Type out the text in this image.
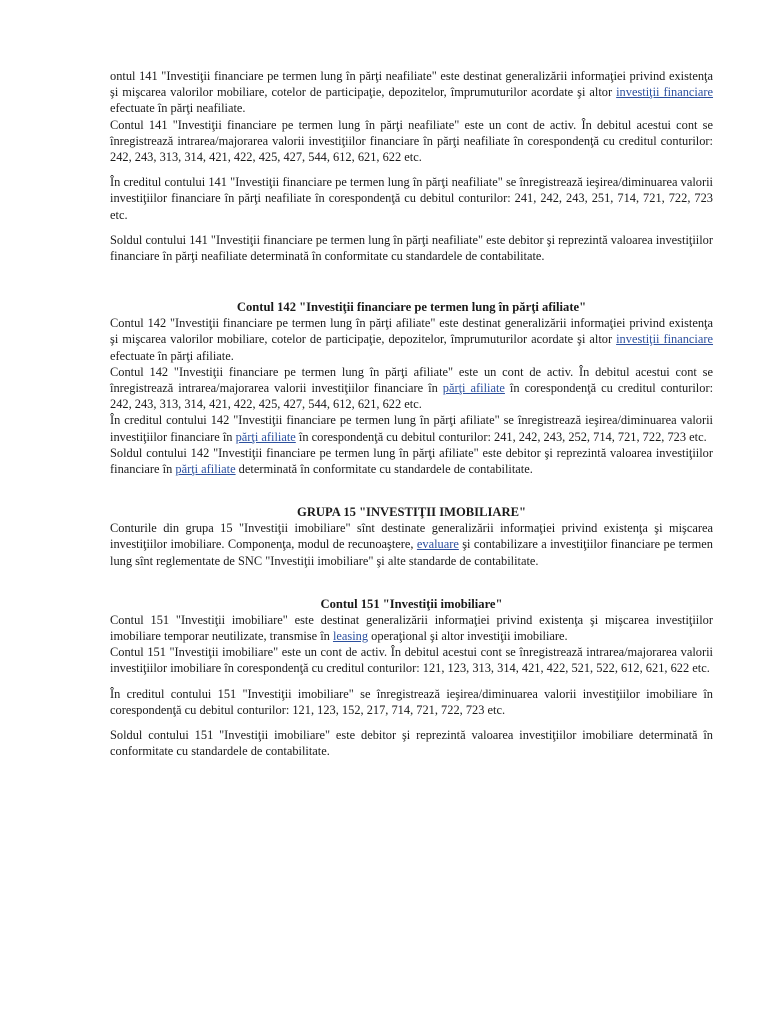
ontul 141 "Investiţii financiare pe termen lung în părţi neafiliate" este destinat generalizării informaţiei privind existenţa şi mişcarea valorilor mobiliare, cotelor de participaţie, depozitelor, împrumuturilor acordate şi altor investiţii financiare efectuate în părţi neafiliate.

Contul 141 "Investiţii financiare pe termen lung în părţi neafiliate" este un cont de activ. În debitul acestui cont se înregistrează intrarea/majorarea valorii investiţiilor financiare în părţi neafiliate în corespondenţă cu creditul conturilor: 242, 243, 313, 314, 421, 422, 425, 427, 544, 612, 621, 622 etc.

În creditul contului 141 "Investiţii financiare pe termen lung în părţi neafiliate" se înregistrează ieşirea/diminuarea valorii investiţiilor financiare în părţi neafiliate în corespondenţă cu debitul conturilor: 241, 242, 243, 251, 714, 721, 722, 723 etc.

Soldul contului 141 "Investiţii financiare pe termen lung în părţi neafiliate" este debitor şi reprezintă valoarea investiţiilor financiare în părţi neafiliate determinată în conformitate cu standardele de contabilitate.

Contul 142 "Investiţii financiare pe termen lung în părţi afiliate"

Contul 142 "Investiţii financiare pe termen lung în părţi afiliate" este destinat generalizării informaţiei privind existenţa şi mişcarea valorilor mobiliare, cotelor de participaţie, depozitelor, împrumuturilor acordate şi altor investiţii financiare efectuate în părţi afiliate.

Contul 142 "Investiţii financiare pe termen lung în părţi afiliate" este un cont de activ. În debitul acestui cont se înregistrează intrarea/majorarea valorii investiţiilor financiare în părţi afiliate în corespondenţă cu creditul conturilor: 242, 243, 313, 314, 421, 422, 425, 427, 544, 612, 621, 622 etc.

În creditul contului 142 "Investiţii financiare pe termen lung în părţi afiliate" se înregistrează ieşirea/diminuarea valorii investiţiilor financiare în părţi afiliate în corespondenţă cu debitul conturilor: 241, 242, 243, 252, 714, 721, 722, 723 etc.

Soldul contului 142 "Investiţii financiare pe termen lung în părţi afiliate" este debitor şi reprezintă valoarea investiţiilor financiare în părţi afiliate determinată în conformitate cu standardele de contabilitate.

GRUPA 15 "INVESTIŢII IMOBILIARE"

Conturile din grupa 15 "Investiţii imobiliare" sînt destinate generalizării informaţiei privind existenţa şi mişcarea investiţiilor imobiliare. Componenţa, modul de recunoaştere, evaluare şi contabilizare a investiţiilor financiare pe termen lung sînt reglementate de SNC "Investiţii imobiliare" şi alte standarde de contabilitate.

Contul 151 "Investiţii imobiliare"

Contul 151 "Investiţii imobiliare" este destinat generalizării informaţiei privind existenţa şi mişcarea investiţiilor imobiliare temporar neutilizate, transmise în leasing operaţional şi altor investiţii imobiliare.

Contul 151 "Investiţii imobiliare" este un cont de activ. În debitul acestui cont se înregistrează intrarea/majorarea valorii investiţiilor imobiliare în corespondenţă cu creditul conturilor: 121, 123, 313, 314, 421, 422, 521, 522, 612, 621, 622 etc.

În creditul contului 151 "Investiţii imobiliare" se înregistrează ieşirea/diminuarea valorii investiţiilor imobiliare în corespondenţă cu debitul conturilor: 121, 123, 152, 217, 714, 721, 722, 723 etc.

Soldul contului 151 "Investiţii imobiliare" este debitor şi reprezintă valoarea investiţiilor imobiliare determinată în conformitate cu standardele de contabilitate.
